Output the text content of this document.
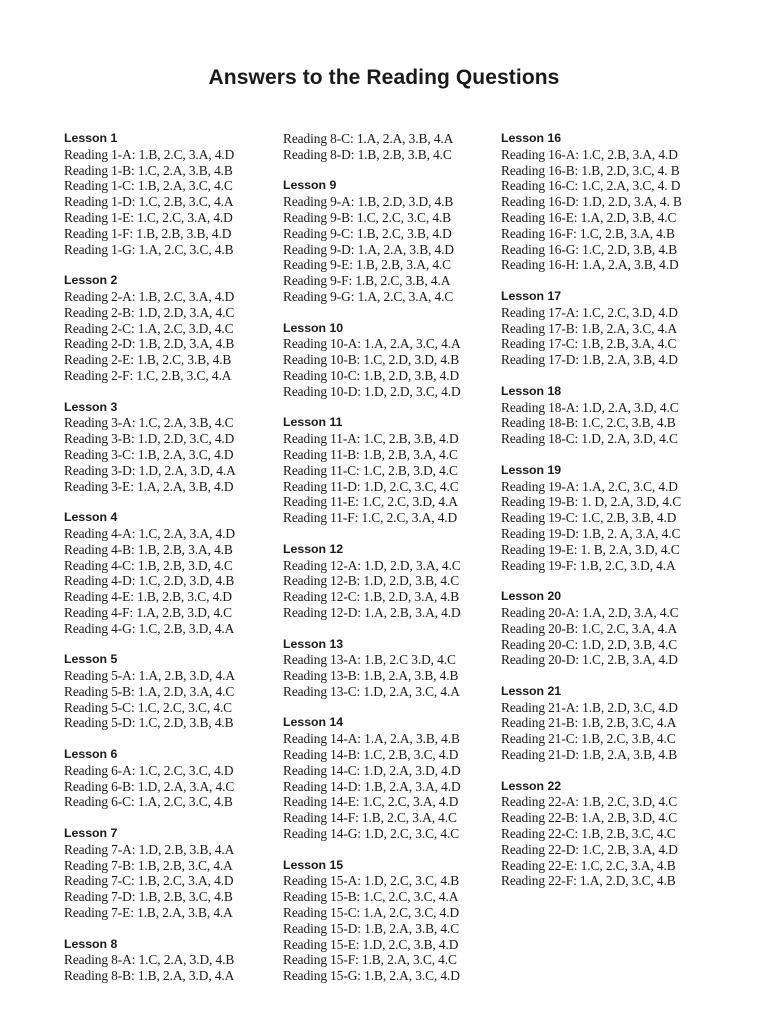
Answers to the Reading Questions
Lesson 1
Reading 1-A: 1.B, 2.C, 3.A, 4.D
Reading 1-B: 1.C, 2.A, 3.B, 4.B
Reading 1-C: 1.B, 2.A, 3.C, 4.C
Reading 1-D: 1.C, 2.B, 3.C, 4.A
Reading 1-E: 1.C, 2.C, 3.A, 4.D
Reading 1-F: 1.B, 2.B, 3.B, 4.D
Reading 1-G: 1.A, 2.C, 3.C, 4.B
Lesson 2
Reading 2-A: 1.B, 2.C, 3.A, 4.D
Reading 2-B: 1.D, 2.D, 3.A, 4.C
Reading 2-C: 1.A, 2.C, 3.D, 4.C
Reading 2-D: 1.B, 2.D, 3.A, 4.B
Reading 2-E: 1.B, 2.C, 3.B, 4.B
Reading 2-F: 1.C, 2.B, 3.C, 4.A
Lesson 3
Reading 3-A: 1.C, 2.A, 3.B, 4.C
Reading 3-B: 1.D, 2.D, 3.C, 4.D
Reading 3-C: 1.B, 2.A, 3.C, 4.D
Reading 3-D: 1.D, 2.A, 3.D, 4.A
Reading 3-E: 1.A, 2.A, 3.B, 4.D
Lesson 4
Reading 4-A: 1.C, 2.A, 3.A, 4.D
Reading 4-B: 1.B, 2.B, 3.A, 4.B
Reading 4-C: 1.B, 2.B, 3.D, 4.C
Reading 4-D: 1.C, 2.D, 3.D, 4.B
Reading 4-E: 1.B, 2.B, 3.C, 4.D
Reading 4-F: 1.A, 2.B, 3.D, 4.C
Reading 4-G: 1.C, 2.B, 3.D, 4.A
Lesson 5
Reading 5-A: 1.A, 2.B, 3.D, 4.A
Reading 5-B: 1.A, 2.D, 3.A, 4.C
Reading 5-C: 1.C, 2.C, 3.C, 4.C
Reading 5-D: 1.C, 2.D, 3.B, 4.B
Lesson 6
Reading 6-A: 1.C, 2.C, 3.C, 4.D
Reading 6-B: 1.D, 2.A, 3.A, 4.C
Reading 6-C: 1.A, 2.C, 3.C, 4.B
Lesson 7
Reading 7-A: 1.D, 2.B, 3.B, 4.A
Reading 7-B: 1.B, 2.B, 3.C, 4.A
Reading 7-C: 1.B, 2.C, 3.A, 4.D
Reading 7-D: 1.B, 2.B, 3.C, 4.B
Reading 7-E: 1.B, 2.A, 3.B, 4.A
Lesson 8
Reading 8-A: 1.C, 2.A, 3.D, 4.B
Reading 8-B: 1.B, 2.A, 3.D, 4.A
Reading 8-C: 1.A, 2.A, 3.B, 4.A
Reading 8-D: 1.B, 2.B, 3.B, 4.C
Lesson 9
Reading 9-A: 1.B, 2.D, 3.D, 4.B
Reading 9-B: 1.C, 2.C, 3.C, 4.B
Reading 9-C: 1.B, 2.C, 3.B, 4.D
Reading 9-D: 1.A, 2.A, 3.B, 4.D
Reading 9-E: 1.B, 2.B, 3.A, 4.C
Reading 9-F: 1.B, 2.C, 3.B, 4.A
Reading 9-G: 1.A, 2.C, 3.A, 4.C
Lesson 10
Reading 10-A: 1.A, 2.A, 3.C, 4.A
Reading 10-B: 1.C, 2.D, 3.D, 4.B
Reading 10-C: 1.B, 2.D, 3.B, 4.D
Reading 10-D: 1.D, 2.D, 3.C, 4.D
Lesson 11
Reading 11-A: 1.C, 2.B, 3.B, 4.D
Reading 11-B: 1.B, 2.B, 3.A, 4.C
Reading 11-C: 1.C, 2.B, 3.D, 4.C
Reading 11-D: 1.D, 2.C, 3.C, 4.C
Reading 11-E: 1.C, 2.C, 3.D, 4.A
Reading 11-F: 1.C, 2.C, 3.A, 4.D
Lesson 12
Reading 12-A: 1.D, 2.D, 3.A, 4.C
Reading 12-B: 1.D, 2.D, 3.B, 4.C
Reading 12-C: 1.B, 2.D, 3.A, 4.B
Reading 12-D: 1.A, 2.B, 3.A, 4.D
Lesson 13
Reading 13-A: 1.B, 2.C 3.D, 4.C
Reading 13-B: 1.B, 2.A, 3.B, 4.B
Reading 13-C: 1.D, 2.A, 3.C, 4.A
Lesson 14
Reading 14-A: 1.A, 2.A, 3.B, 4.B
Reading 14-B: 1.C, 2.B, 3.C, 4.D
Reading 14-C: 1.D, 2.A, 3.D, 4.D
Reading 14-D: 1.B, 2.A, 3.A, 4.D
Reading 14-E: 1.C, 2.C, 3.A, 4.D
Reading 14-F: 1.B, 2.C, 3.A, 4.C
Reading 14-G: 1.D, 2.C, 3.C, 4.C
Lesson 15
Reading 15-A: 1.D, 2.C, 3.C, 4.B
Reading 15-B: 1.C, 2.C, 3.C, 4.A
Reading 15-C: 1.A, 2.C, 3.C, 4.D
Reading 15-D: 1.B, 2.A, 3.B, 4.C
Reading 15-E: 1.D, 2.C, 3.B, 4.D
Reading 15-F: 1.B, 2.A, 3.C, 4.C
Reading 15-G: 1.B, 2.A, 3.C, 4.D
Lesson 16
Reading 16-A: 1.C, 2.B, 3.A, 4.D
Reading 16-B: 1.B, 2.D, 3.C, 4. B
Reading 16-C: 1.C, 2.A, 3.C, 4. D
Reading 16-D: 1.D, 2.D, 3.A, 4. B
Reading 16-E: 1.A, 2.D, 3.B, 4.C
Reading 16-F: 1.C, 2.B, 3.A, 4.B
Reading 16-G: 1.C, 2.D, 3.B, 4.B
Reading 16-H: 1.A, 2.A, 3.B, 4.D
Lesson 17
Reading 17-A: 1.C, 2.C, 3.D, 4.D
Reading 17-B: 1.B, 2.A, 3.C, 4.A
Reading 17-C: 1.B, 2.B, 3.A, 4.C
Reading 17-D: 1.B, 2.A, 3.B, 4.D
Lesson 18
Reading 18-A: 1.D, 2.A, 3.D, 4.C
Reading 18-B: 1.C, 2.C, 3.B, 4.B
Reading 18-C: 1.D, 2.A, 3.D, 4.C
Lesson 19
Reading 19-A: 1.A, 2.C, 3.C, 4.D
Reading 19-B: 1. D, 2.A, 3.D, 4.C
Reading 19-C: 1.C, 2.B, 3.B, 4.D
Reading 19-D: 1.B, 2. A, 3.A, 4.C
Reading 19-E: 1. B, 2.A, 3.D, 4.C
Reading 19-F: 1.B, 2.C, 3.D, 4.A
Lesson 20
Reading 20-A: 1.A, 2.D, 3.A, 4.C
Reading 20-B: 1.C, 2.C, 3.A, 4.A
Reading 20-C: 1.D, 2.D, 3.B, 4.C
Reading 20-D: 1.C, 2.B, 3.A, 4.D
Lesson 21
Reading 21-A: 1.B, 2.D, 3.C, 4.D
Reading 21-B: 1.B, 2.B, 3.C, 4.A
Reading 21-C: 1.B, 2.C, 3.B, 4.C
Reading 21-D: 1.B, 2.A, 3.B, 4.B
Lesson 22
Reading 22-A: 1.B, 2.C, 3.D, 4.C
Reading 22-B: 1.A, 2.B, 3.D, 4.C
Reading 22-C: 1.B, 2.B, 3.C, 4.C
Reading 22-D: 1.C, 2.B, 3.A, 4.D
Reading 22-E: 1.C, 2.C, 3.A, 4.B
Reading 22-F: 1.A, 2.D, 3.C, 4.B
